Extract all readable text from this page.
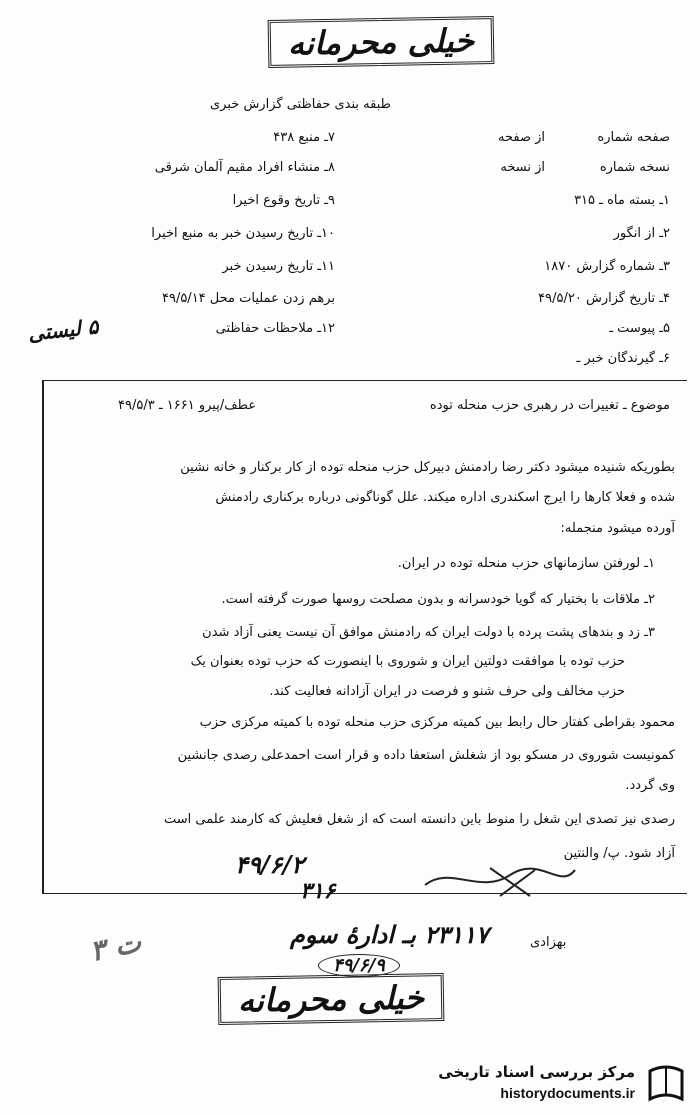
خیلی محرمانه
طبقه بندی حفاظتی گزارش خبری
صفحه شماره
از صفحه
نسخه شماره
از نسخه
۱ـ بسته ماه ـ ۳۱۵
۲ـ از انگور
۳ـ شماره گزارش ۱۸۷۰
۴ـ تاریخ گزارش ۴۹/۵/۲۰
۵ـ پیوست ـ
۶ـ گیرندگان خبر ـ
۷ـ منبع ۴۳۸
۸ـ منشاء افراد مقیم آلمان شرقی
۹ـ تاریخ وقوع اخیرا
۱۰ـ تاریخ رسیدن خبر به منبع اخیرا
۱۱ـ تاریخ رسیدن خبر
برهم زدن عملیات محل ۴۹/۵/۱۴
۱۲ـ ملاحظات حفاظتی
۵ لیستی
موضوع ـ تغییرات در رهبری حزب منحله توده
عطف/پیرو ۱۶۶۱ ـ ۴۹/۵/۳
بطوریکه شنیده میشود دکتر رضا رادمنش دبیرکل حزب منحله توده از کار برکنار و خانه نشین
شده و فعلا کارها را ایرج اسکندری اداره میکند. علل گوناگونی درباره برکناری رادمنش
آورده میشود منجمله:
۱ـ لورفتن سازمانهای حزب منحله توده در ایران.
۲ـ ملاقات با بختیار که گویا خودسرانه و بدون مصلحت روسها صورت گرفته است.
۳ـ زد و بندهای پشت پرده با دولت ایران که رادمنش موافق آن نیست یعنی آزاد شدن
حزب توده با موافقت دولتین ایران و شوروی با اینصورت که حزب توده بعنوان یک
حزب مخالف ولی حرف شنو و فرصت در ایران آزادانه فعالیت کند.
محمود بقراطی کفتار حال رابط بین کمیته مرکزی حزب منحله توده با کمیته مرکزی حزب
کمونیست شوروی در مسکو بود از شغلش استعفا داده و قرار است احمدعلی رصدی جانشین
وی گردد.
رصدی نیز تصدی این شغل را منوط باین دانسته است که از شغل فعلیش که کارمند علمی است
آزاد شود. پ/ والنتین
۴۹/۶/۲
۳۱۶
۲۳۱۱۷ بـ ادارهٔ سوم	بهزادی
۳ ت
۴۹/۶/۹
خیلی محرمانه
مرکز بررسی اسناد تاریخی
historydocuments.ir
